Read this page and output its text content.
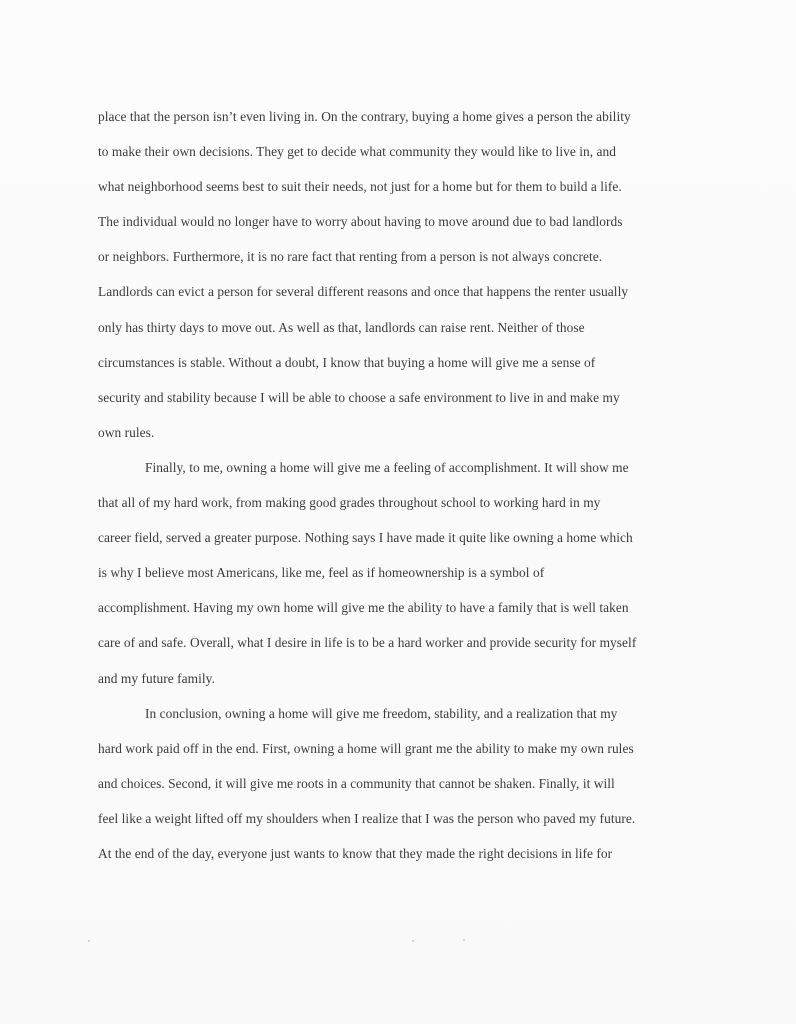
place that the person isn’t even living in. On the contrary, buying a home gives a person the ability
to make their own decisions. They get to decide what community they would like to live in, and
what neighborhood seems best to suit their needs, not just for a home but for them to build a life.
The individual would no longer have to worry about having to move around due to bad landlords
or neighbors. Furthermore, it is no rare fact that renting from a person is not always concrete.
Landlords can evict a person for several different reasons and once that happens the renter usually
only has thirty days to move out. As well as that, landlords can raise rent. Neither of those
circumstances is stable. Without a doubt, I know that buying a home will give me a sense of
security and stability because I will be able to choose a safe environment to live in and make my
own rules.
Finally, to me, owning a home will give me a feeling of accomplishment. It will show me
that all of my hard work, from making good grades throughout school to working hard in my
career field, served a greater purpose. Nothing says I have made it quite like owning a home which
is why I believe most Americans, like me, feel as if homeownership is a symbol of
accomplishment. Having my own home will give me the ability to have a family that is well taken
care of and safe. Overall, what I desire in life is to be a hard worker and provide security for myself
and my future family.
In conclusion, owning a home will give me freedom, stability, and a realization that my
hard work paid off in the end. First, owning a home will grant me the ability to make my own rules
and choices. Second, it will give me roots in a community that cannot be shaken. Finally, it will
feel like a weight lifted off my shoulders when I realize that I was the person who paved my future.
At the end of the day, everyone just wants to know that they made the right decisions in life for
